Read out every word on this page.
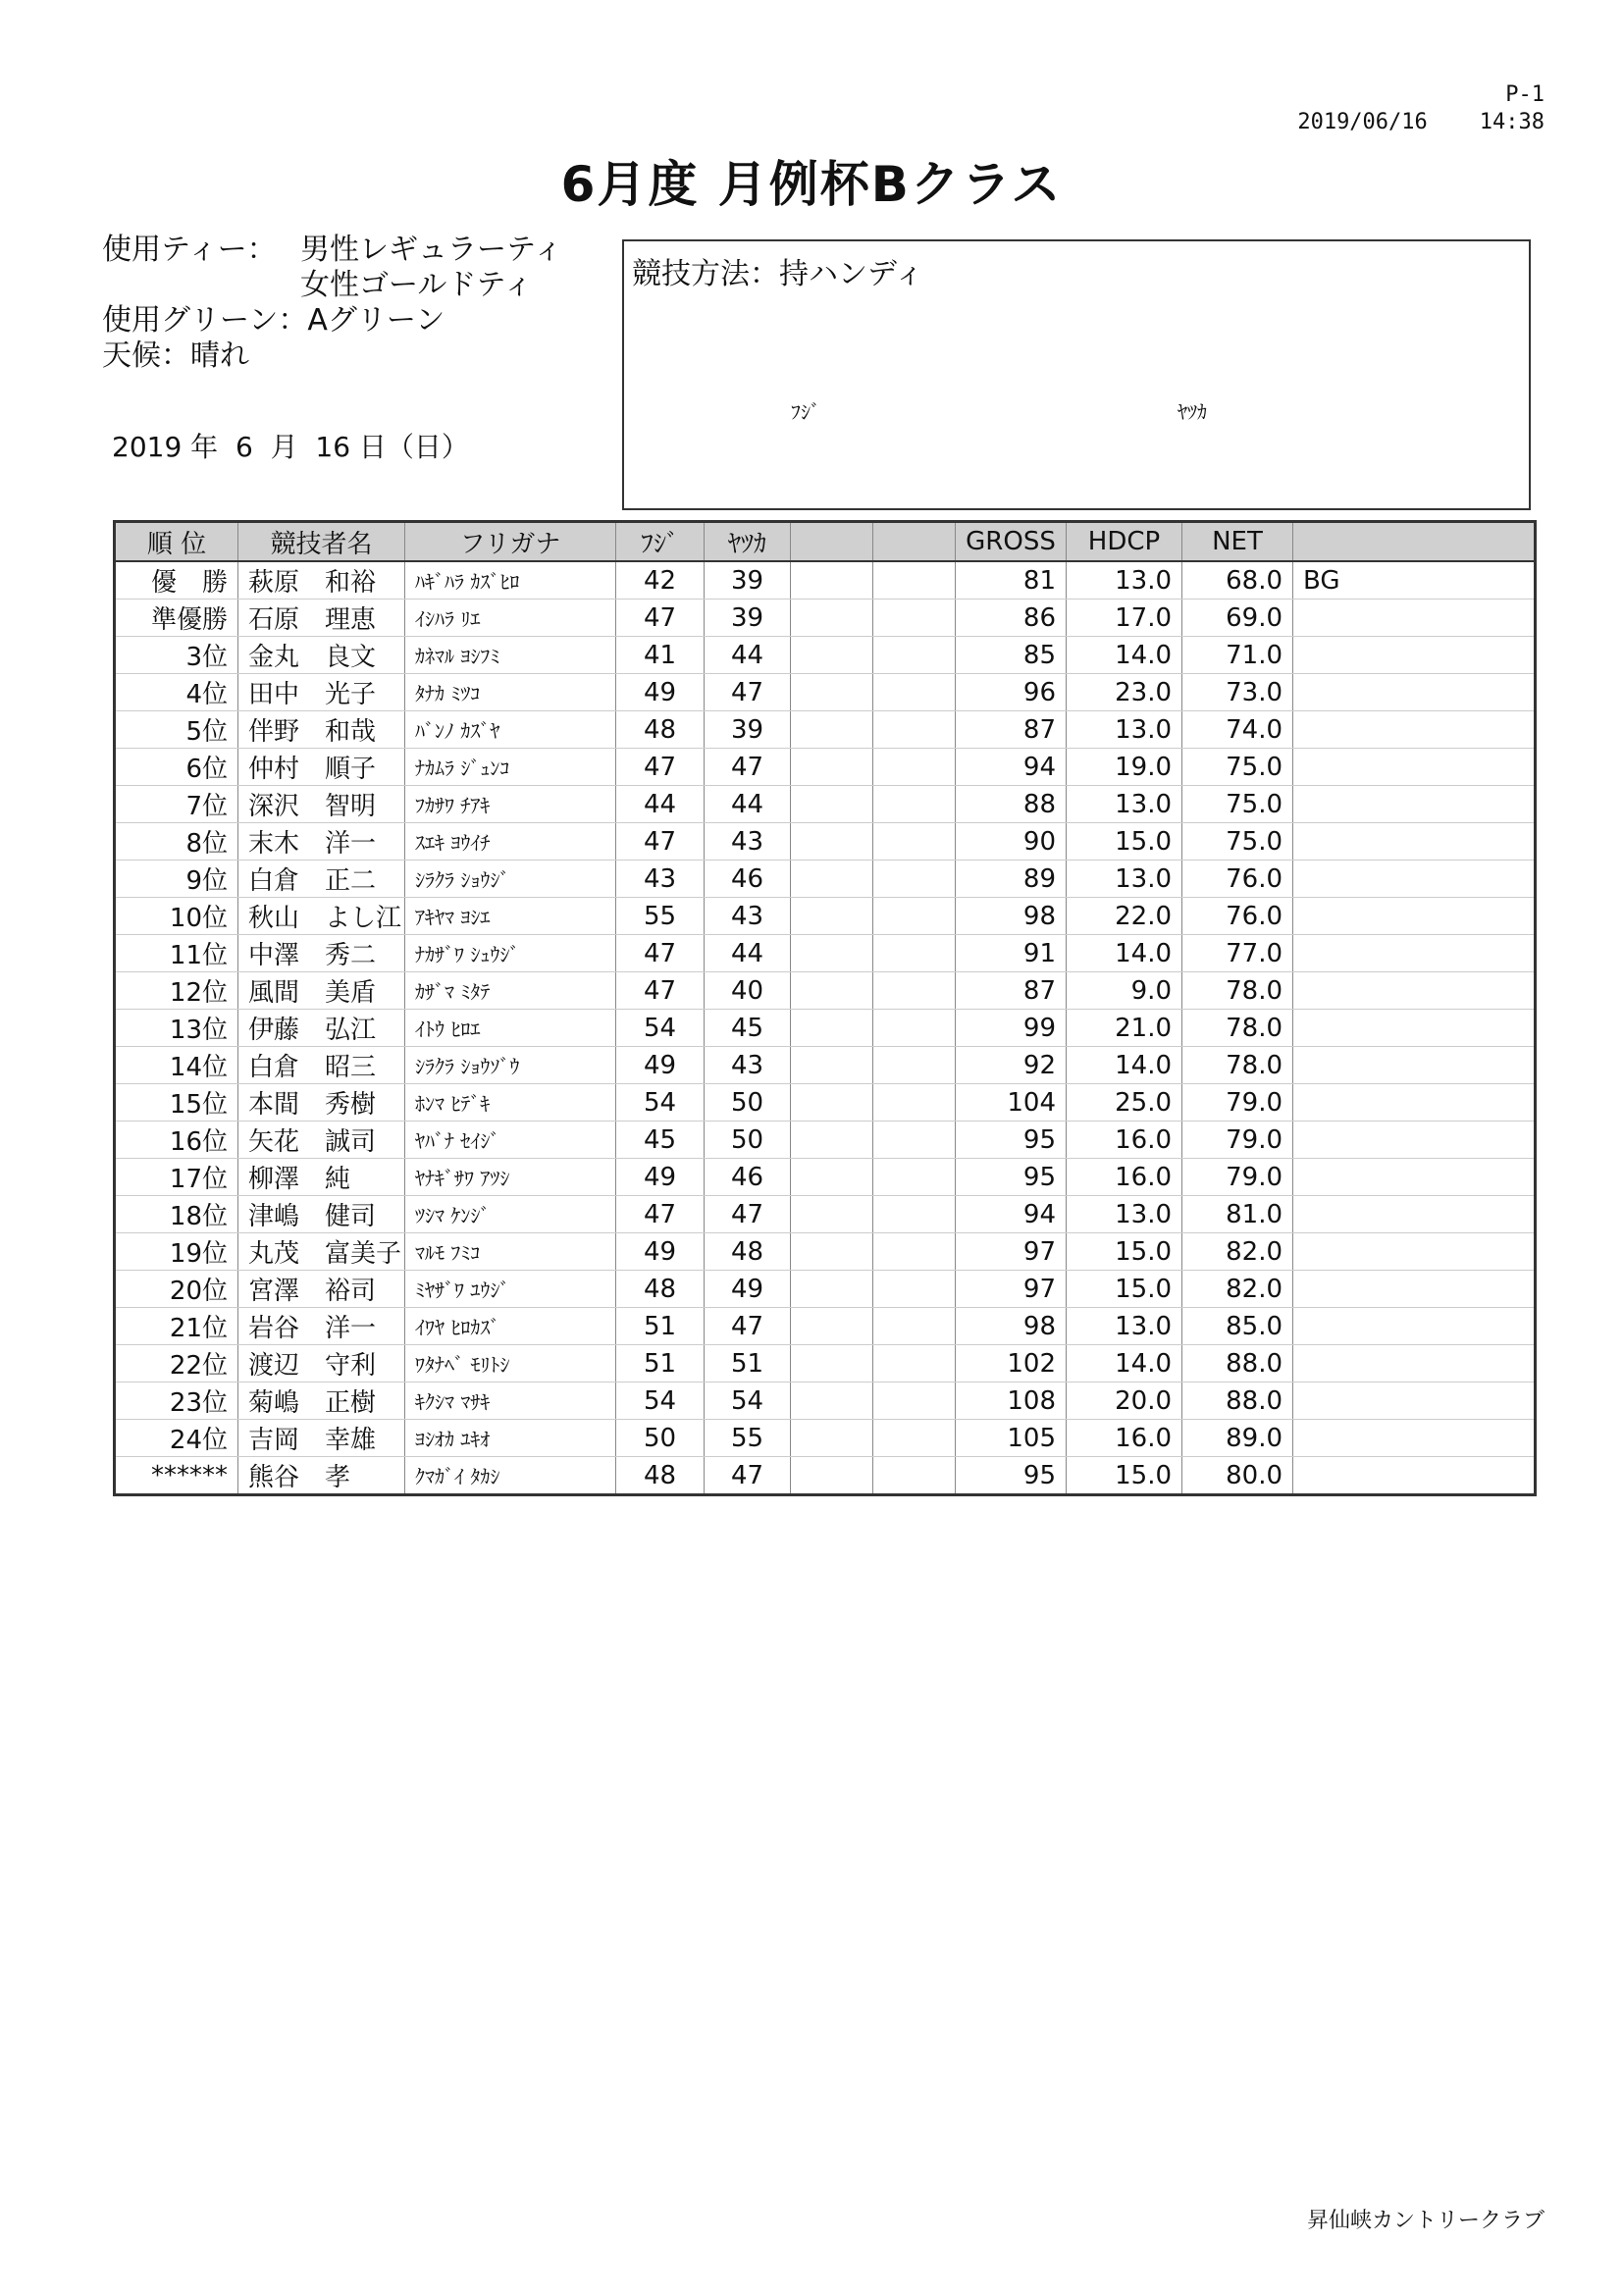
P-1
2019/06/16    14:38
6月度 月例杯Bクラス
使用ティー： 男性レギュラーティ
女性ゴールドティ
使用グリーン：Aグリーン
天候：晴れ
2019 年  6  月  16 日（日）
競技方法：持ハンディ
ﾌｼﾞ	ﾔﾂｶ
順 位	競技者名	フリガナ	ﾌｼﾞ	ﾔﾂｶ			GROSS	HDCP	NET	
優　勝	萩原　和裕	ﾊｷﾞﾊﾗ ｶｽﾞﾋﾛ	42	39			81	13.0	68.0	BG
準優勝	石原　理恵	ｲｼﾊﾗ ﾘｴ	47	39			86	17.0	69.0	
3位	金丸　良文	ｶﾈﾏﾙ ﾖｼﾌﾐ	41	44			85	14.0	71.0	
4位	田中　光子	ﾀﾅｶ ﾐﾂｺ	49	47			96	23.0	73.0	
5位	伴野　和哉	ﾊﾞﾝﾉ ｶｽﾞﾔ	48	39			87	13.0	74.0	
6位	仲村　順子	ﾅｶﾑﾗ ｼﾞｭﾝｺ	47	47			94	19.0	75.0	
7位	深沢　智明	ﾌｶｻﾜ ﾁｱｷ	44	44			88	13.0	75.0	
8位	末木　洋一	ｽｴｷ ﾖｳｲﾁ	47	43			90	15.0	75.0	
9位	白倉　正二	ｼﾗｸﾗ ｼｮｳｼﾞ	43	46			89	13.0	76.0	
10位	秋山　よし江	ｱｷﾔﾏ ﾖｼｴ	55	43			98	22.0	76.0	
11位	中澤　秀二	ﾅｶｻﾞﾜ ｼｭｳｼﾞ	47	44			91	14.0	77.0	
12位	風間　美盾	ｶｻﾞﾏ ﾐﾀﾃ	47	40			87	9.0	78.0	
13位	伊藤　弘江	ｲﾄｳ ﾋﾛｴ	54	45			99	21.0	78.0	
14位	白倉　昭三	ｼﾗｸﾗ ｼｮｳｿﾞｳ	49	43			92	14.0	78.0	
15位	本間　秀樹	ﾎﾝﾏ ﾋﾃﾞｷ	54	50			104	25.0	79.0	
16位	矢花　誠司	ﾔﾊﾞﾅ ｾｲｼﾞ	45	50			95	16.0	79.0	
17位	柳澤　純	ﾔﾅｷﾞｻﾜ ｱﾂｼ	49	46			95	16.0	79.0	
18位	津嶋　健司	ﾂｼﾏ ｹﾝｼﾞ	47	47			94	13.0	81.0	
19位	丸茂　富美子	ﾏﾙﾓ ﾌﾐｺ	49	48			97	15.0	82.0	
20位	宮澤　裕司	ﾐﾔｻﾞﾜ ﾕｳｼﾞ	48	49			97	15.0	82.0	
21位	岩谷　洋一	ｲﾜﾔ ﾋﾛｶｽﾞ	51	47			98	13.0	85.0	
22位	渡辺　守利	ﾜﾀﾅﾍﾞ ﾓﾘﾄｼ	51	51			102	14.0	88.0	
23位	菊嶋　正樹	ｷｸｼﾏ ﾏｻｷ	54	54			108	20.0	88.0	
24位	吉岡　幸雄	ﾖｼｵｶ ﾕｷｵ	50	55			105	16.0	89.0	
******	熊谷　孝	ｸﾏｶﾞｲ ﾀｶｼ	48	47			95	15.0	80.0	
昇仙峡カントリークラブ
